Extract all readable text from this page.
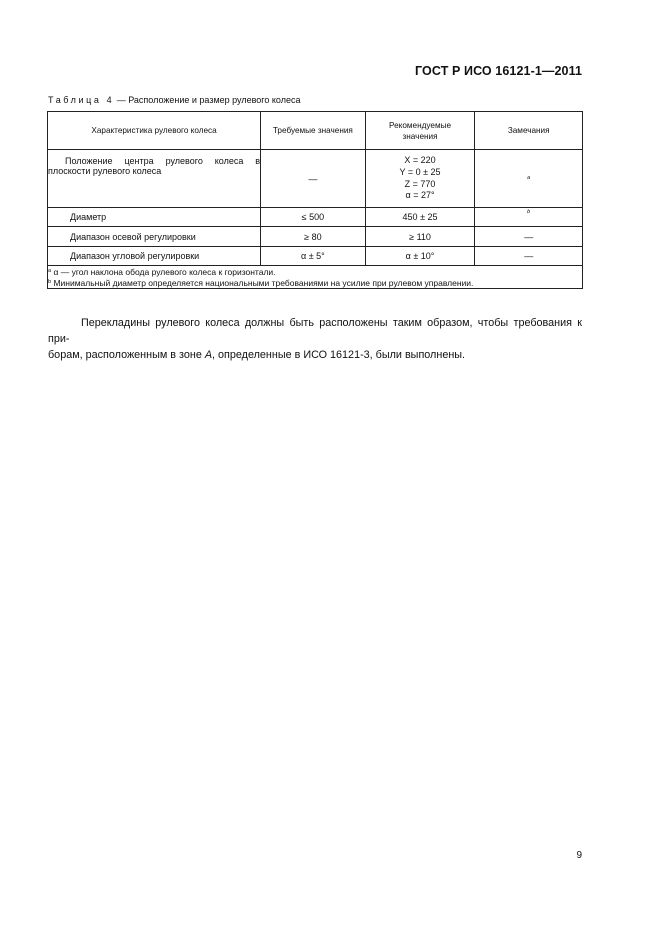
ГОСТ Р ИСО 16121-1—2011
Таблица 4 — Расположение и размер рулевого колеса
Характеристика рулевого колеса	Требуемые значения	Рекомендуемые значения	Замечания

Положение центра рулевого колеса в
плоскости рулевого колеса	—	X = 220
Y = 0 ± 25
Z = 770
α = 27°	$^a$
Диаметр	≤ 500	450 ± 25	$^b$
Диапазон осевой регулировки	≥ 80	≥ 110	—
Диапазон угловой регулировки	α ± 5°	α ± 10°	—

$^a$ α — угол наклона обода рулевого колеса к горизонтали.
$^b$ Минимальный диаметр определяется национальными требованиями на усилие при рулевом управлении.			
Перекладины рулевого колеса должны быть расположены таким образом, чтобы требования к при-
борам, расположенным в зоне А, определенные в ИСО 16121-3, были выполнены.
9
